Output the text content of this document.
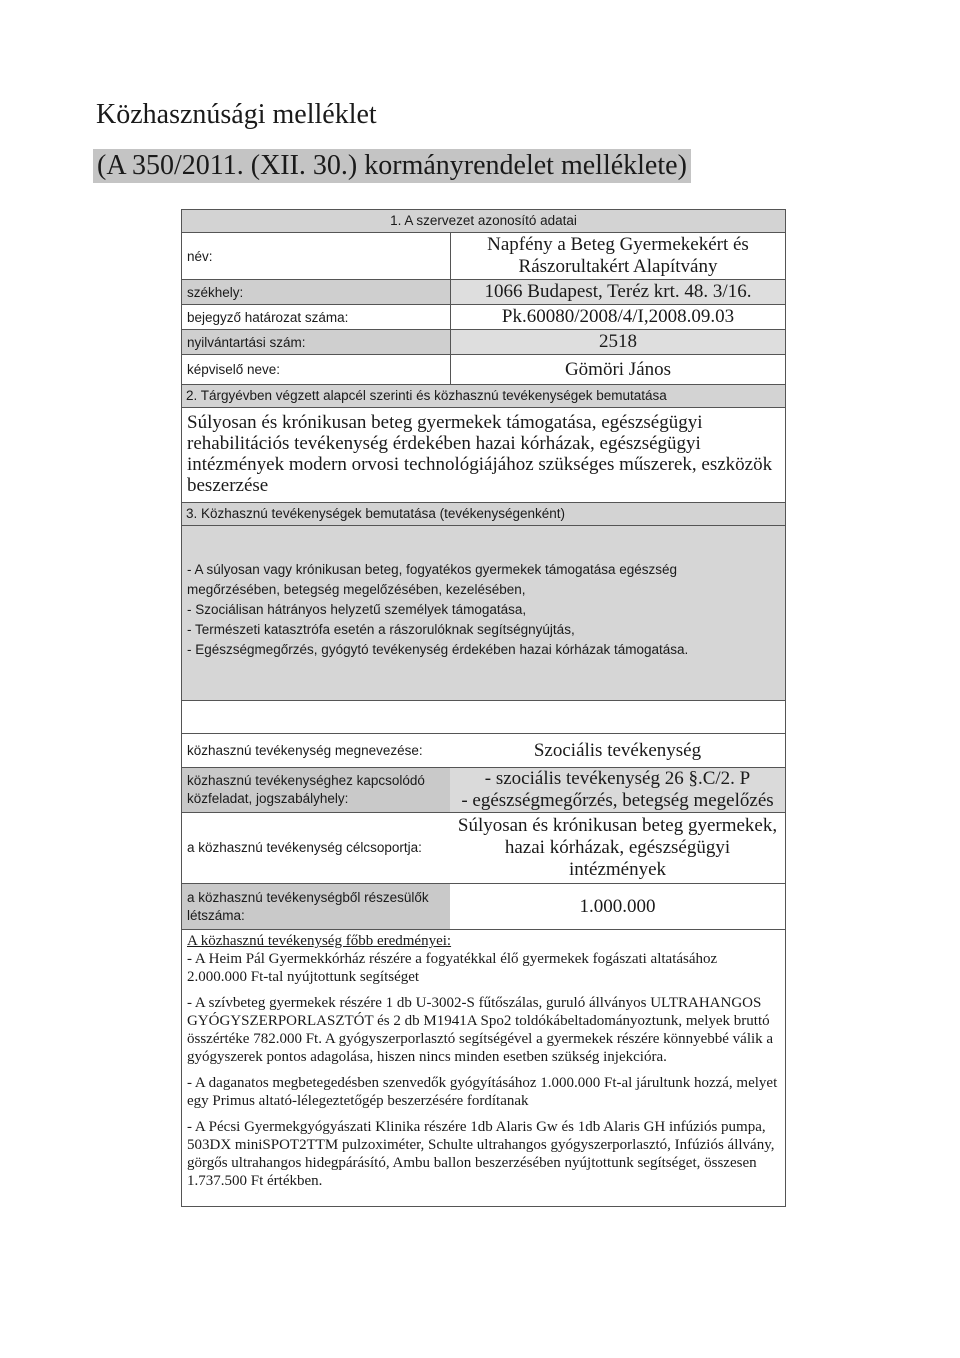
Közhasznúsági melléklet
(A 350/2011. (XII. 30.) kormányrendelet melléklete)
1. A szervezet azonosító adatai
név:
Napfény a Beteg Gyermekekért és
Rászorultakért Alapítvány
székhely:	1066 Budapest, Teréz krt. 48. 3/16.
bejegyző határozat száma:	Pk.60080/2008/4/I,2008.09.03
nyilvántartási szám:	2518
képviselő neve:	Gömöri János
2. Tárgyévben végzett alapcél szerinti és közhasznú tevékenységek bemutatása
Súlyosan és krónikusan beteg gyermekek támogatása, egészségügyi rehabilitációs tevékenység érdekében hazai kórházak, egészségügyi intézmények modern orvosi technológiájához szükséges műszerek, eszközök beszerzése
3. Közhasznú tevékenységek bemutatása (tevékenységenként)
- A súlyosan vagy krónikusan beteg, fogyatékos gyermekek támogatása egészség
megőrzésében, betegség megelőzésében, kezelésében,
- Szociálisan hátrányos helyzetű személyek támogatása,
- Természeti katasztrófa esetén a rászorulóknak segítségnyújtás,
- Egészségmegőrzés, gyógytó tevékenység érdekében hazai kórházak támogatása.
közhasznú tevékenység megnevezése:	Szociális tevékenység
közhasznú tevékenységhez kapcsolódó közfeladat, jogszabályhely:
- szociális tevékenység 26 §.C/2. P
- egészségmegőrzés, betegség megelőzés
a közhasznú tevékenység célcsoportja:
Súlyosan és krónikusan beteg gyermekek,
hazai kórházak, egészségügyi
intézmények
a közhasznú tevékenységből részesülők létszáma:	1.000.000
A közhasznú tevékenység főbb eredményei:

- A Heim Pál Gyermekkórház részére a fogyatékkal élő gyermekek fogászati altatásához 2.000.000 Ft-tal nyújtottunk segítséget

- A szívbeteg gyermekek részére 1 db U-3002-S fűtőszálas, guruló állványos ULTRAHANGOS GYÓGYSZERPORLASZTÓT és 2 db M1941A Spo2 toldókábeltadományoztunk, melyek bruttó összértéke 782.000 Ft. A gyógyszerporlasztó segítségével a gyermekek részére könnyebbé válik a gyógyszerek pontos adagolása, hiszen nincs minden esetben szükség injekcióra.

- A daganatos megbetegedésben szenvedők gyógyításához 1.000.000 Ft-al járultunk hozzá, melyet egy Primus altató-lélegeztetőgép beszerzésére fordítanak

- A Pécsi Gyermekgyógyászati Klinika részére 1db Alaris Gw és 1db Alaris GH infúziós pumpa, 503DX miniSPOT2TTM pulzoximéter, Schulte ultrahangos gyógyszerporlasztó, Infúziós állvány, görgős ultrahangos hidegpárásító, Ambu ballon beszerzésében nyújtottunk segítséget, összesen 1.737.500 Ft értékben.
